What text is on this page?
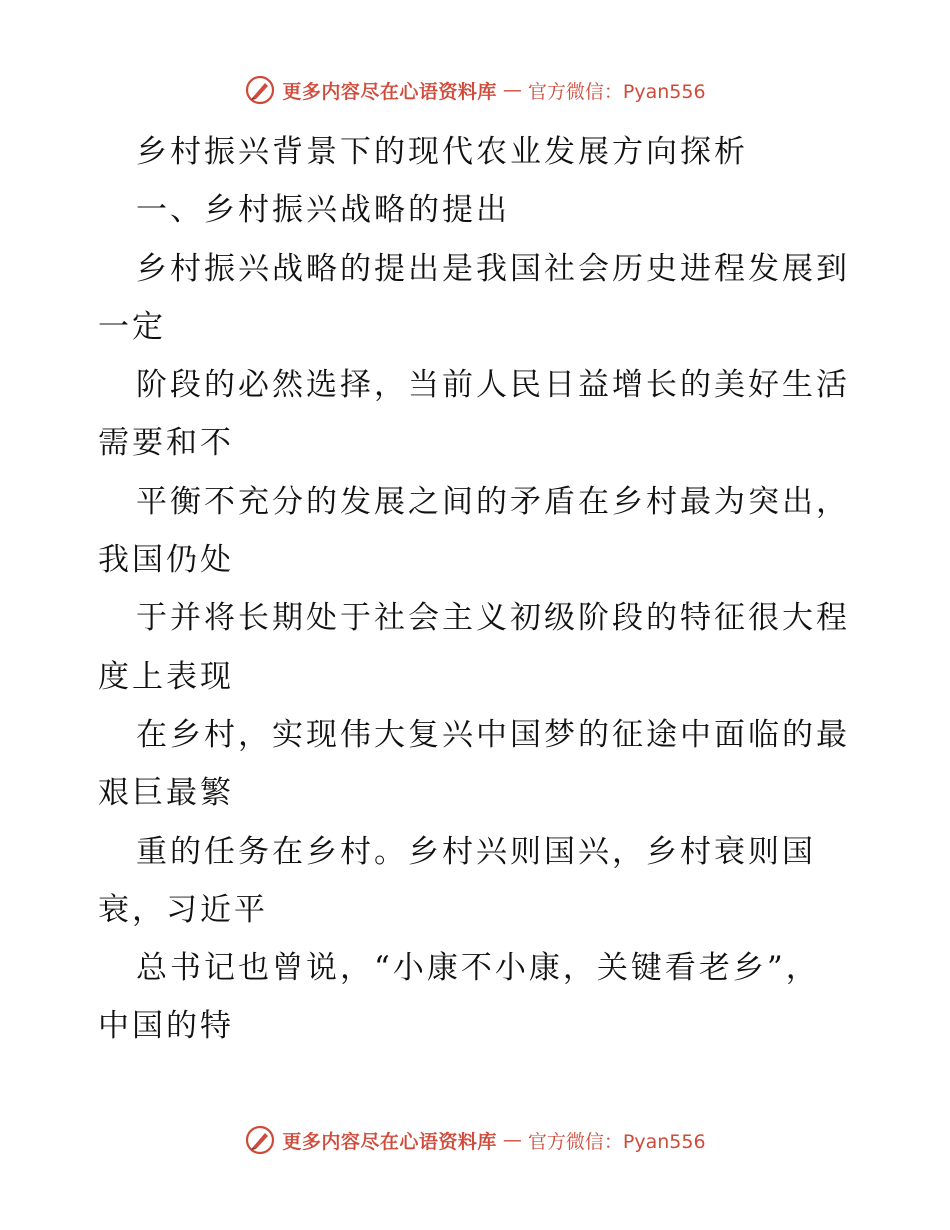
更多内容尽在心语资料库 — 官方微信：Pyan556
乡村振兴背景下的现代农业发展方向探析
一、乡村振兴战略的提出
乡村振兴战略的提出是我国社会历史进程发展到
一定
阶段的必然选择，当前人民日益增长的美好生活
需要和不
平衡不充分的发展之间的矛盾在乡村最为突出，
我国仍处
于并将长期处于社会主义初级阶段的特征很大程
度上表现
在乡村，实现伟大复兴中国梦的征途中面临的最
艰巨最繁
重的任务在乡村。乡村兴则国兴，乡村衰则国
衰，习近平
总书记也曾说，“小康不小康，关键看老乡”，
中国的特
更多内容尽在心语资料库 — 官方微信：Pyan556
